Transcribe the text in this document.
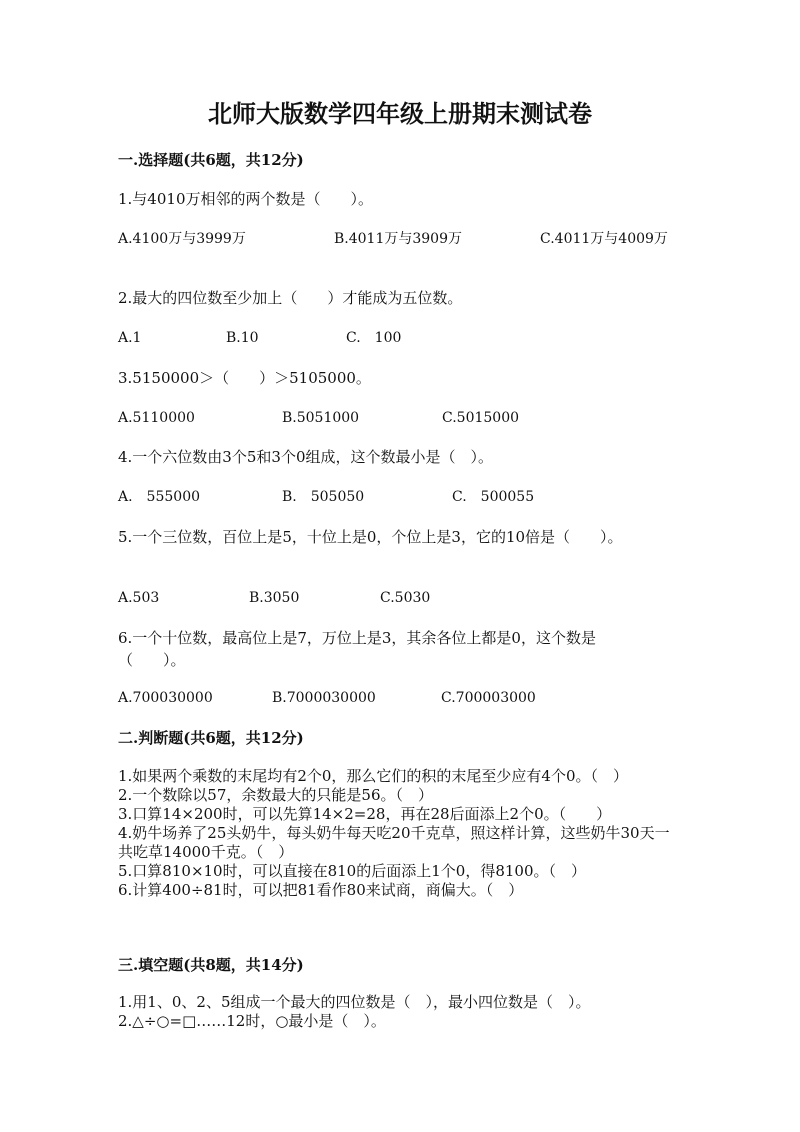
北师大版数学四年级上册期末测试卷
一.选择题(共6题，共12分)
1.与4010万相邻的两个数是（　　）。
A.4100万与3999万	B.4011万与3909万	C.4011万与4009万
2.最大的四位数至少加上（　　）才能成为五位数。
A.1	B.10	C.　100
3.5150000＞（　　）＞5105000。
A.5110000	B.5051000	C.5015000
4.一个六位数由3个5和3个0组成，这个数最小是（　）。
A.　555000	B.　505050	C.　500055
5.一个三位数，百位上是5，十位上是0，个位上是3，它的10倍是（　　）。
A.503	B.3050	C.5030
6.一个十位数，最高位上是7，万位上是3，其余各位上都是0，这个数是（　　）。
A.700030000	B.7000030000	C.700003000
二.判断题(共6题，共12分)
1.如果两个乘数的末尾均有2个0，那么它们的积的末尾至少应有4个0。（　）
2.一个数除以57，余数最大的只能是56。（　）
3.口算14×200时，可以先算14×2=28，再在28后面添上2个0。（　　）
4.奶牛场养了25头奶牛，每头奶牛每天吃20千克草，照这样计算，这些奶牛30天一共吃草14000千克。（　）
5.口算810×10时，可以直接在810的后面添上1个0，得8100。（　）
6.计算400÷81时，可以把81看作80来试商，商偏大。（　）
三.填空题(共8题，共14分)
1.用1、0、2、5组成一个最大的四位数是（　），最小四位数是（　）。
2.△÷○=□……12时，○最小是（　）。
